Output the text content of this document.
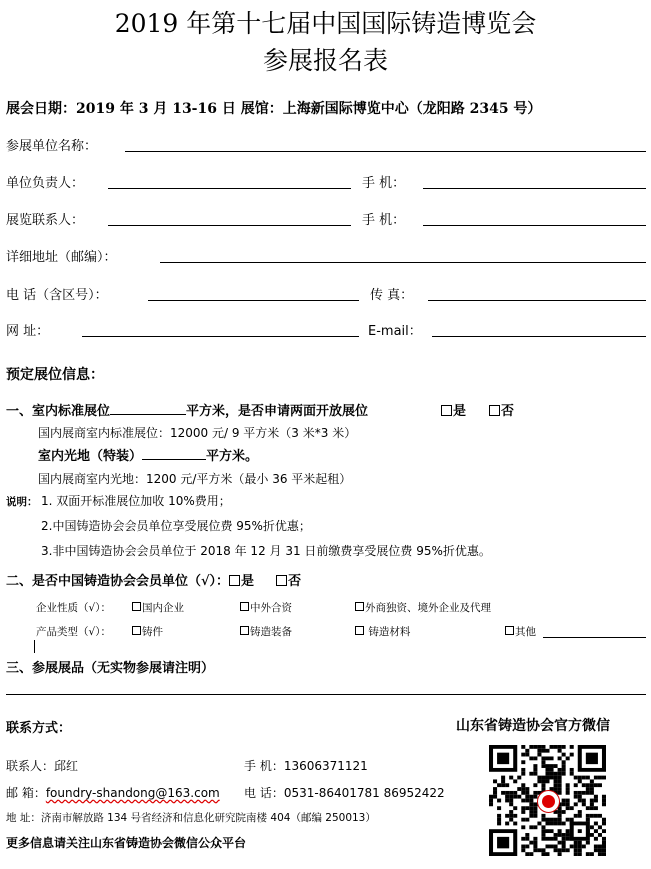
2019 年第十七届中国国际铸造博览会
参展报名表
展会日期：2019 年 3 月 13-16 日 展馆：上海新国际博览中心（龙阳路 2345 号）
参展单位名称：
单位负责人：	手 机：
展览联系人：	手 机：
详细地址（邮编）：
电 话（含区号）：	传 真：
网 址：	E-mail：
预定展位信息：
一、室内标准展位	平方米，是否申请两面开放展位	是	否
国内展商室内标准展位：12000 元/ 9 平方米（3 米*3 米）
室内光地（特装）	平方米。
国内展商室内光地：1200 元/平方米（最小 36 平米起租）
说明： 1. 双面开标准展位加收 10%费用；
2.中国铸造协会会员单位享受展位费 95%折优惠；
3.非中国铸造协会会员单位于 2018 年 12 月 31 日前缴费享受展位费 95%折优惠。
二、是否中国铸造协会会员单位（√）： 是	否
企业性质（√）：	国内企业	中外合资	外商独资、境外企业及代理
产品类型（√）：	铸件	铸造装备	铸造材料	其他
三、参展展品（无实物参展请注明）
联系方式：	山东省铸造协会官方微信
联系人：邱红	手 机：13606371121
邮 箱：foundry-shandong@163.com 电 话：0531-86401781 86952422
地 址：济南市解放路 134 号省经济和信息化研究院南楼 404（邮编 250013）
更多信息请关注山东省铸造协会微信公众平台
